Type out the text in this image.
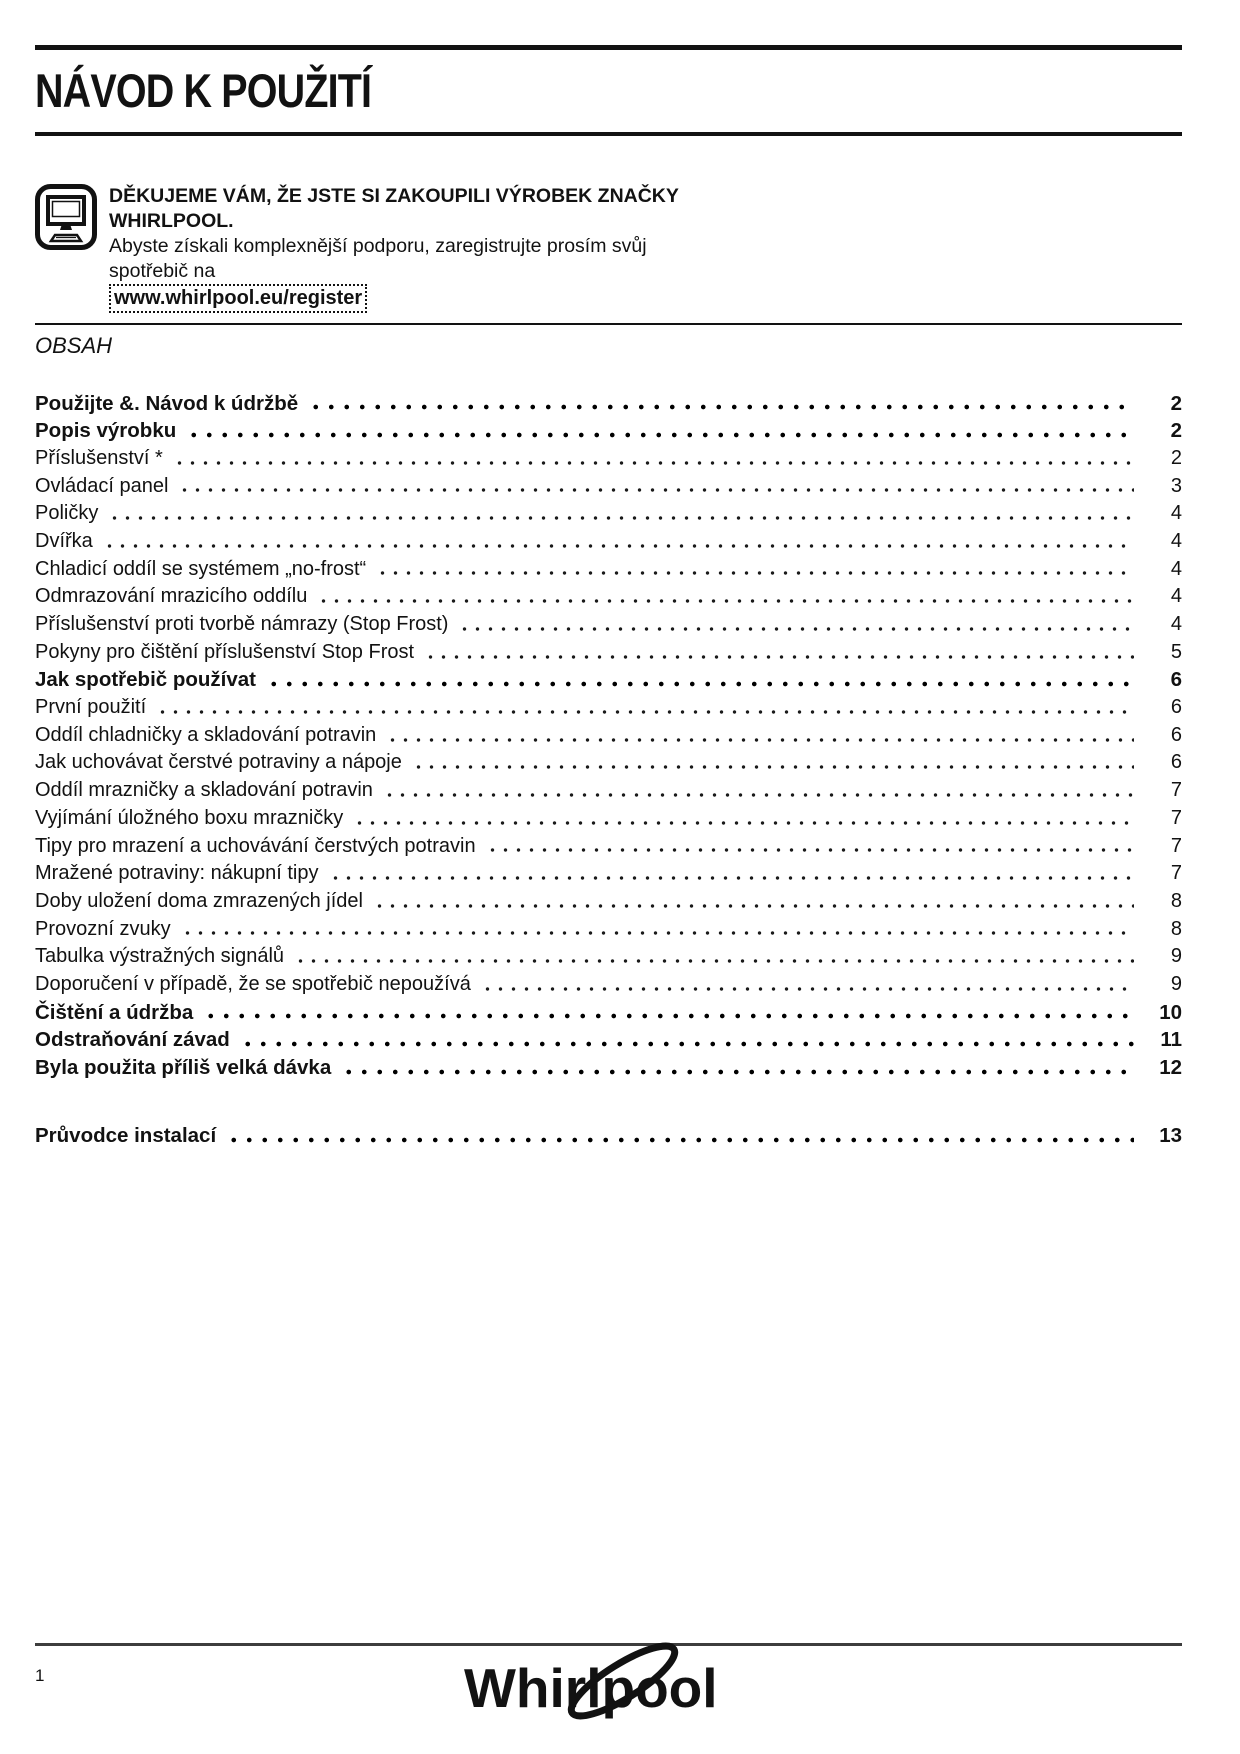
NÁVOD K POUŽITÍ

DĚKUJEME VÁM, ŽE JSTE SI ZAKOUPILI VÝROBEK ZNAČKY WHIRLPOOL.

Abyste získali komplexnější podporu, zaregistrujte prosím svůj spotřebič na

www.whirlpool.eu/register
OBSAH
Použijte &. Návod k údržbě	2
Popis výrobku	2
Příslušenství *	2
Ovládací panel	3
Poličky	4
Dvířka	4
Chladicí oddíl se systémem „no-frost“	4
Odmrazování mrazicího oddílu	4
Příslušenství proti tvorbě námrazy (Stop Frost)	4
Pokyny pro čištění příslušenství Stop Frost	5
Jak spotřebič používat	6
První použití	6
Oddíl chladničky a skladování potravin	6
Jak uchovávat čerstvé potraviny a nápoje	6
Oddíl mrazničky a skladování potravin	7
Vyjímání úložného boxu mrazničky	7
Tipy pro mrazení a uchovávání čerstvých potravin	7
Mražené potraviny: nákupní tipy	7
Doby uložení doma zmrazených jídel	8
Provozní zvuky	8
Tabulka výstražných signálů	9
Doporučení v případě, že se spotřebič nepoužívá	9
Čištění a údržba	10
Odstraňování závad	11
Byla použita příliš velká dávka	12
Průvodce instalací	13
1	Whirlpool
